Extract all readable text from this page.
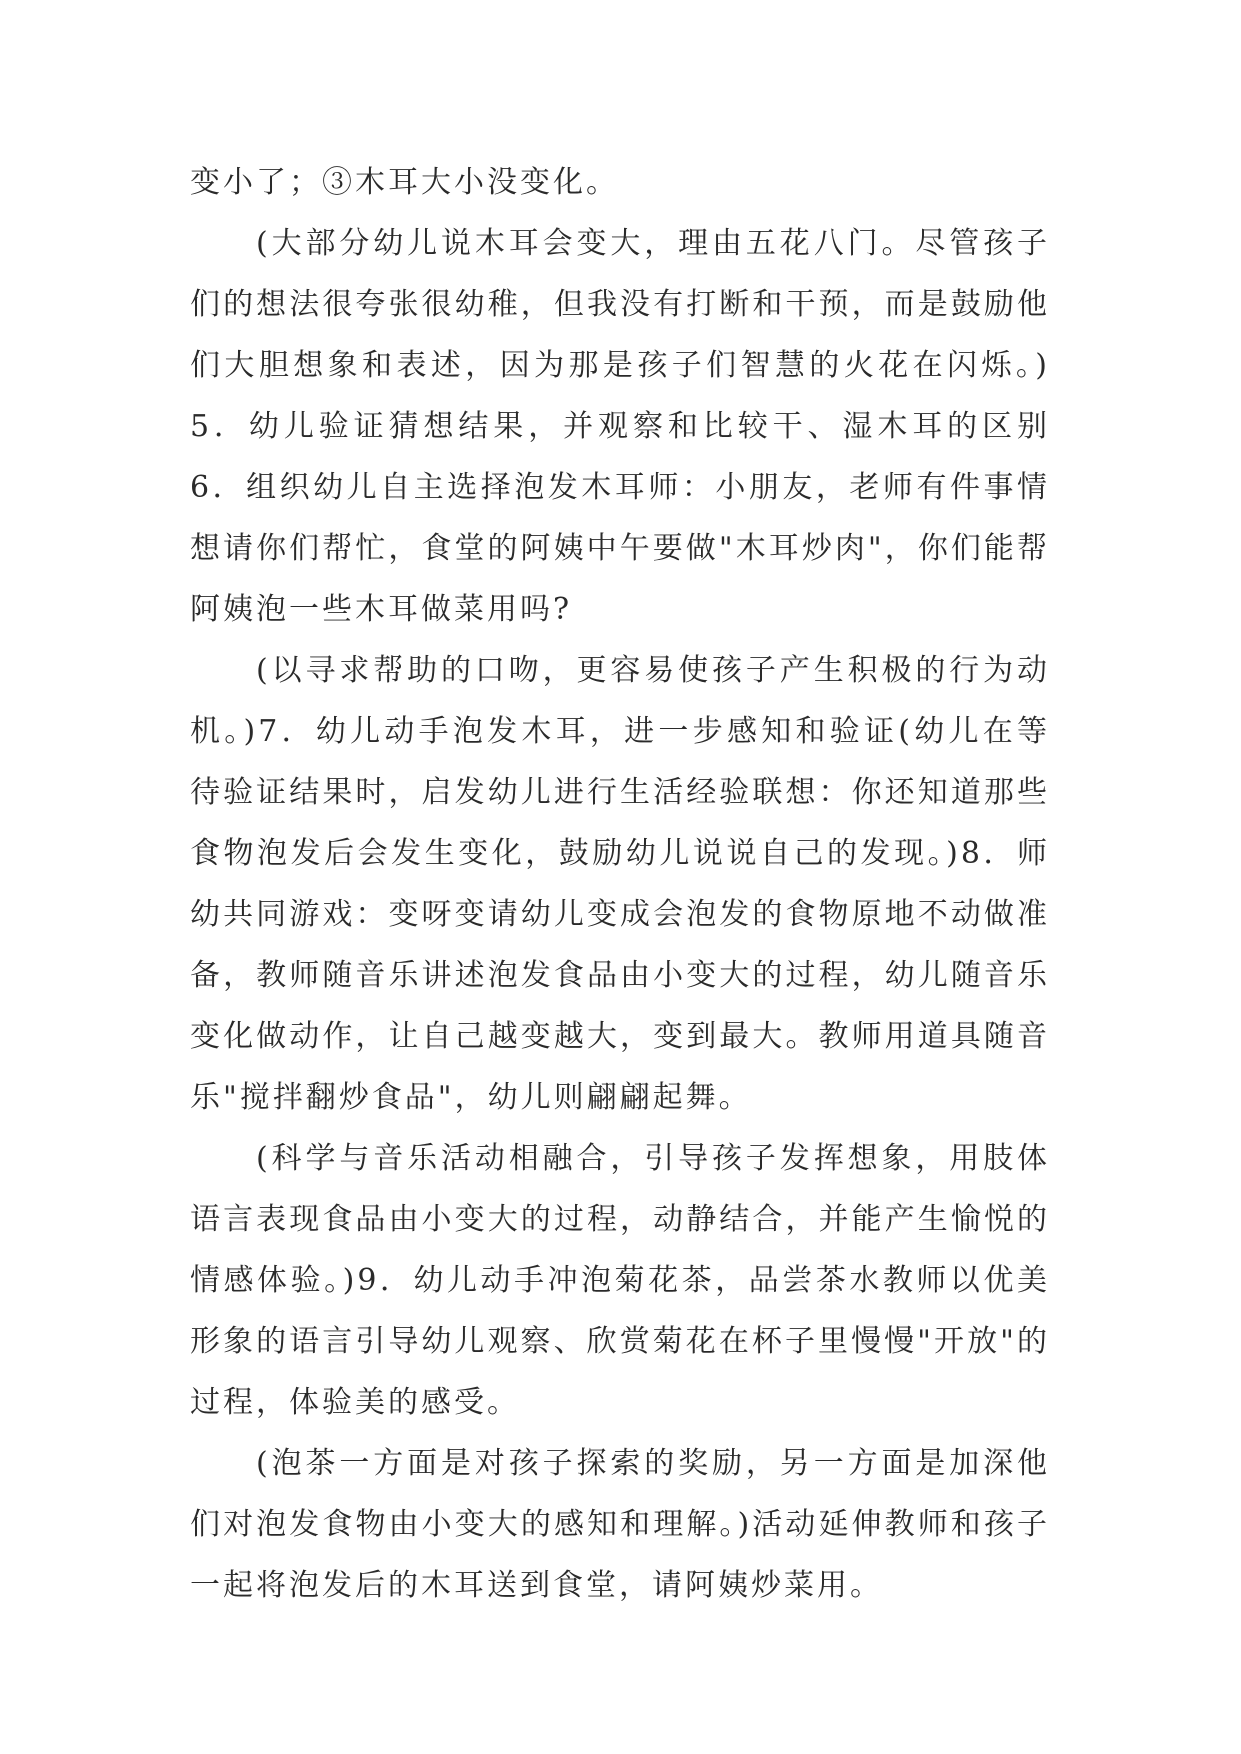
变小了；③木耳大小没变化。

(大部分幼儿说木耳会变大，理由五花八门。尽管孩子们的想法很夸张很幼稚，但我没有打断和干预，而是鼓励他们大胆想象和表述，因为那是孩子们智慧的火花在闪烁。)5．幼儿验证猜想结果，并观察和比较干、湿木耳的区别6．组织幼儿自主选择泡发木耳师：小朋友，老师有件事情想请你们帮忙，食堂的阿姨中午要做"木耳炒肉"，你们能帮阿姨泡一些木耳做菜用吗?

(以寻求帮助的口吻，更容易使孩子产生积极的行为动机。)7．幼儿动手泡发木耳，进一步感知和验证(幼儿在等待验证结果时，启发幼儿进行生活经验联想：你还知道那些食物泡发后会发生变化，鼓励幼儿说说自己的发现。)8．师幼共同游戏：变呀变请幼儿变成会泡发的食物原地不动做准备，教师随音乐讲述泡发食品由小变大的过程，幼儿随音乐变化做动作，让自己越变越大，变到最大。教师用道具随音乐"搅拌翻炒食品"，幼儿则翩翩起舞。

(科学与音乐活动相融合，引导孩子发挥想象，用肢体语言表现食品由小变大的过程，动静结合，并能产生愉悦的情感体验。)9．幼儿动手冲泡菊花茶，品尝茶水教师以优美形象的语言引导幼儿观察、欣赏菊花在杯子里慢慢"开放"的过程，体验美的感受。

(泡茶一方面是对孩子探索的奖励，另一方面是加深他们对泡发食物由小变大的感知和理解。)活动延伸教师和孩子一起将泡发后的木耳送到食堂，请阿姨炒菜用。
